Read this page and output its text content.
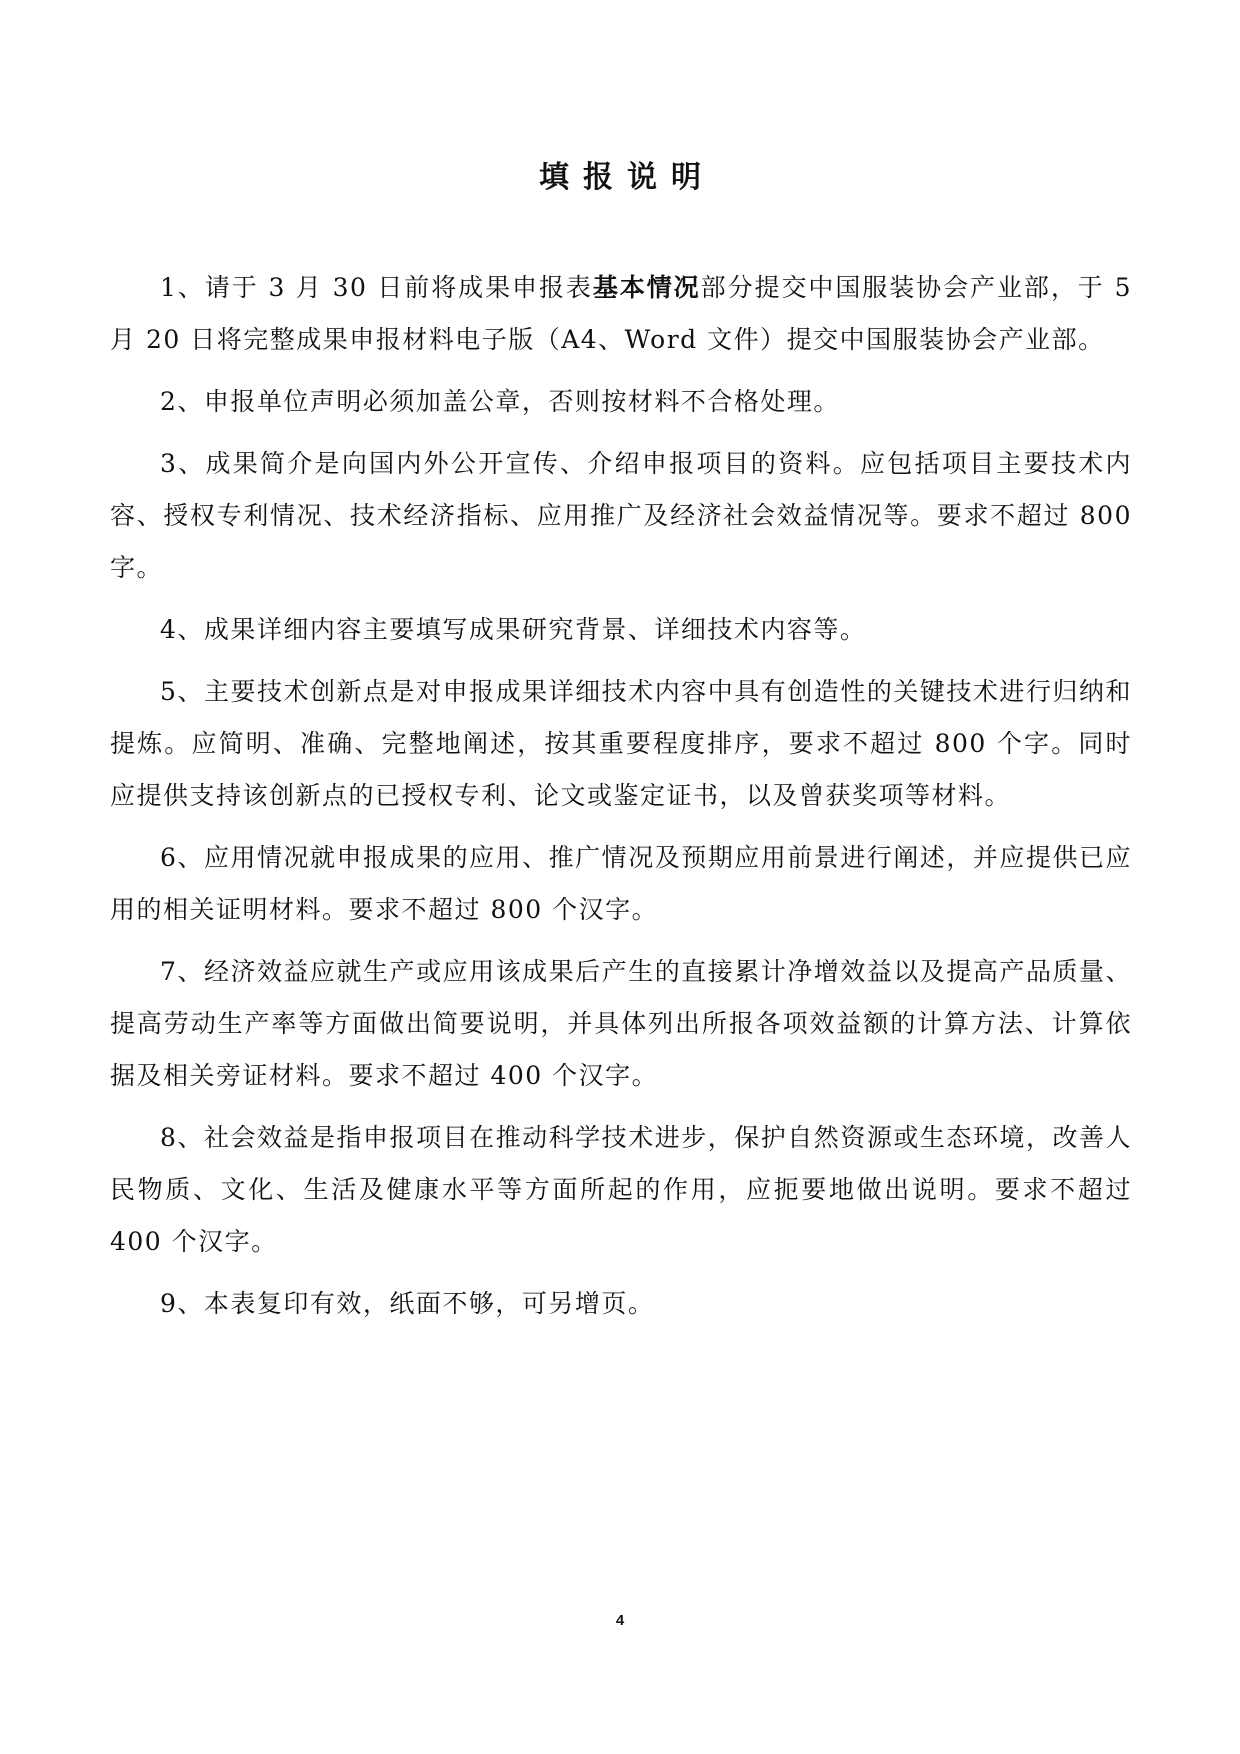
填报说明

1、请于 3 月 30 日前将成果申报表基本情况部分提交中国服装协会产业部，于 5 月 20 日将完整成果申报材料电子版（A4、Word 文件）提交中国服装协会产业部。

2、申报单位声明必须加盖公章，否则按材料不合格处理。

3、成果简介是向国内外公开宣传、介绍申报项目的资料。应包括项目主要技术内容、授权专利情况、技术经济指标、应用推广及经济社会效益情况等。要求不超过 800 字。

4、成果详细内容主要填写成果研究背景、详细技术内容等。

5、主要技术创新点是对申报成果详细技术内容中具有创造性的关键技术进行归纳和提炼。应简明、准确、完整地阐述，按其重要程度排序，要求不超过 800 个字。同时应提供支持该创新点的已授权专利、论文或鉴定证书，以及曾获奖项等材料。

6、应用情况就申报成果的应用、推广情况及预期应用前景进行阐述，并应提供已应用的相关证明材料。要求不超过 800 个汉字。

7、经济效益应就生产或应用该成果后产生的直接累计净增效益以及提高产品质量、提高劳动生产率等方面做出简要说明，并具体列出所报各项效益额的计算方法、计算依据及相关旁证材料。要求不超过 400 个汉字。

8、社会效益是指申报项目在推动科学技术进步，保护自然资源或生态环境，改善人民物质、文化、生活及健康水平等方面所起的作用，应扼要地做出说明。要求不超过 400 个汉字。

9、本表复印有效，纸面不够，可另增页。

4
